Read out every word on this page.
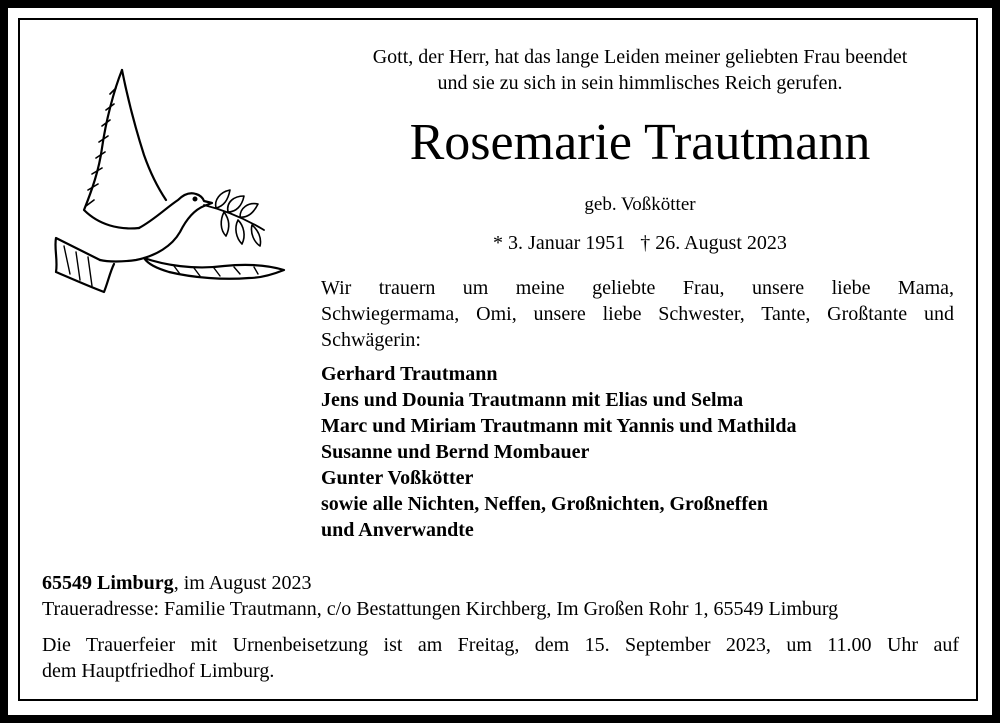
Gott, der Herr, hat das lange Leiden meiner geliebten Frau beendet
und sie zu sich in sein himmlisches Reich gerufen.
Rosemarie Trautmann
geb. Voßkötter
* 3. Januar 1951 † 26. August 2023
Wir trauern um meine geliebte Frau, unsere liebe Mama,
Schwiegermama, Omi, unsere liebe Schwester, Tante, Großtante und
Schwägerin:
Gerhard Trautmann
Jens und Dounia Trautmann mit Elias und Selma
Marc und Miriam Trautmann mit Yannis und Mathilda
Susanne und Bernd Mombauer
Gunter Voßkötter
sowie alle Nichten, Neffen, Großnichten, Großneffen
und Anverwandte
65549 Limburg, im August 2023
Traueradresse: Familie Trautmann, c/o Bestattungen Kirchberg, Im Großen Rohr 1, 65549 Limburg
Die Trauerfeier mit Urnenbeisetzung ist am Freitag, dem 15. September 2023, um 11.00 Uhr auf
dem Hauptfriedhof Limburg.
